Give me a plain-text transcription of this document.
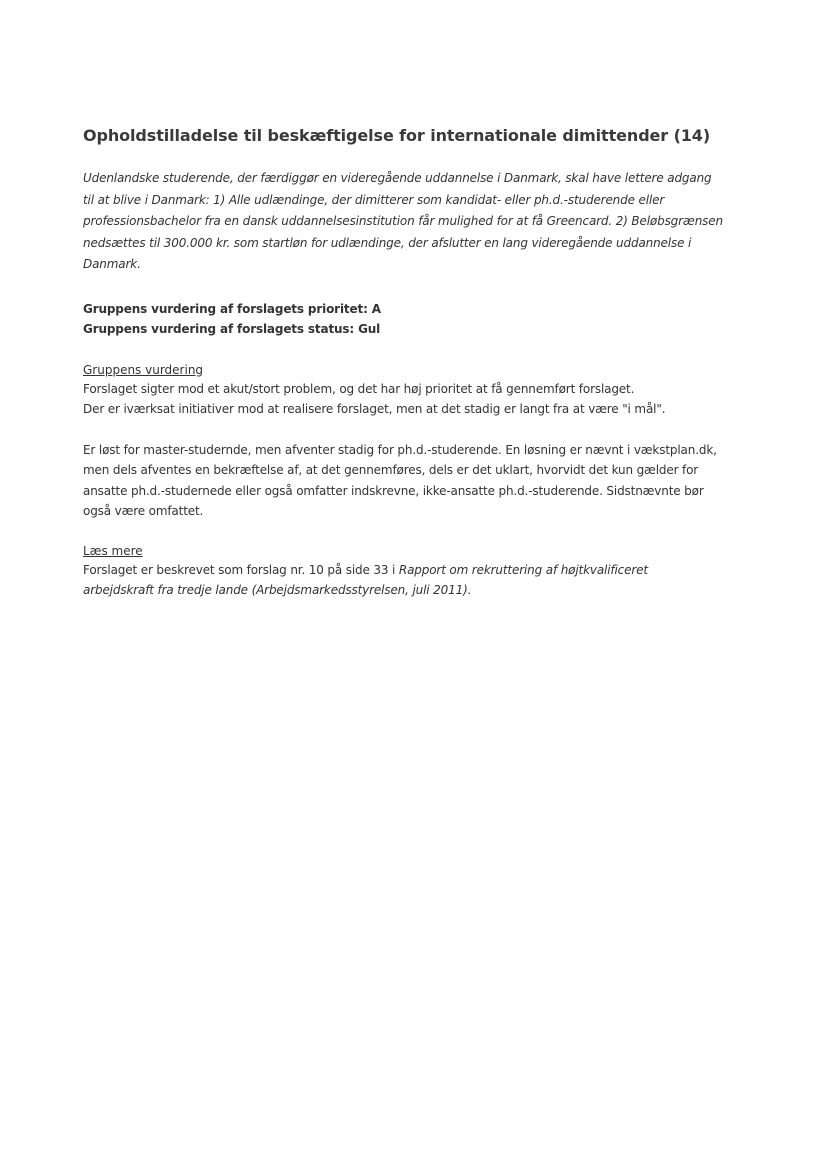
Opholdstilladelse til beskæftigelse for internationale dimittender (14)
Udenlandske studerende, der færdiggør en videregående uddannelse i Danmark, skal have lettere adgang
til at blive i Danmark: 1) Alle udlændinge, der dimitterer som kandidat- eller ph.d.-studerende eller
professionsbachelor fra en dansk uddannelsesinstitution får mulighed for at få Greencard. 2) Beløbsgrænsen
nedsættes til 300.000 kr. som startløn for udlændinge, der afslutter en lang videregående uddannelse i
Danmark.
Gruppens vurdering af forslagets prioritet: A
Gruppens vurdering af forslagets status: Gul
Gruppens vurdering
Forslaget sigter mod et akut/stort problem, og det har høj prioritet at få gennemført forslaget.
Der er iværksat initiativer mod at realisere forslaget, men at det stadig er langt fra at være "i mål".
Er løst for master-studernde, men afventer stadig for ph.d.-studerende. En løsning er nævnt i vækstplan.dk,
men dels afventes en bekræftelse af, at det gennemføres, dels er det uklart, hvorvidt det kun gælder for
ansatte ph.d.-studernede eller også omfatter indskrevne, ikke-ansatte ph.d.-studerende. Sidstnævnte bør
også være omfattet.
Læs mere
Forslaget er beskrevet som forslag nr. 10 på side 33 i Rapport om rekruttering af højtkvalificeret
arbejdskraft fra tredje lande (Arbejdsmarkedsstyrelsen, juli 2011).
